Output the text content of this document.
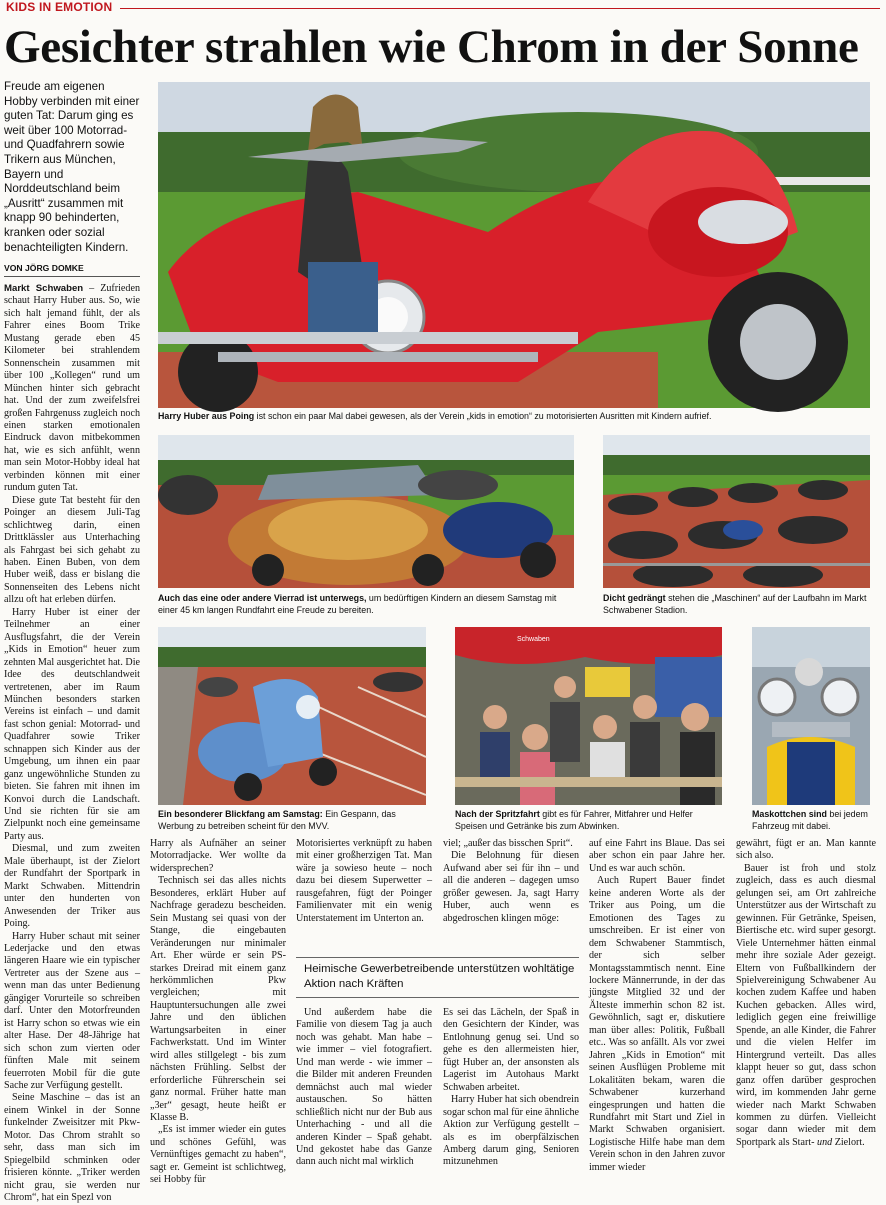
KIDS IN EMOTION
Gesichter strahlen wie Chrom in der Sonne
Freude am eigenen Hobby verbinden mit einer guten Tat: Darum ging es weit über 100 Motorrad- und Quadfahrern sowie Trikern aus München, Bayern und Norddeutschland beim „Ausritt“ zusammen mit knapp 90 behinderten, kranken oder sozial benachteiligten Kindern.
VON JÖRG DOMKE
Harry Huber aus Poing ist schon ein paar Mal dabei gewesen, als der Verein „kids in emotion“ zu motorisierten Ausritten mit Kindern aufrief.

Markt Schwaben – Zufrieden schaut Harry Huber aus. So, wie sich halt jemand fühlt, der als Fahrer eines Boom Trike Mustang gerade eben 45 Kilometer bei strahlendem Sonnenschein zusammen mit über 100 „Kollegen“ rund um München hinter sich gebracht hat. Und der zum zweifelsfrei großen Fahrgenuss zugleich noch einen starken emotionalen Eindruck davon mitbekommen hat, wie es sich anfühlt, wenn man sein Motor-Hobby ideal hat verbinden können mit einer rundum guten Tat.

Diese gute Tat besteht für den Poinger an diesem Juli-Tag schlichtweg darin, einen Drittklässler aus Unterhaching als Fahrgast bei sich gehabt zu haben. Einen Buben, von dem Huber weiß, dass er bislang die Sonnenseiten des Lebens nicht allzu oft hat erleben dürfen.

Harry Huber ist einer der Teilnehmer an einer Ausflugsfahrt, die der Verein „Kids in Emotion“ heuer zum zehnten Mal ausgerichtet hat. Die Idee des deutschlandweit vertretenen, aber im Raum München besonders starken Vereins ist einfach – und damit fast schon genial: Motorrad- und Quadfahrer sowie Triker schnappen sich Kinder aus der Umgebung, um ihnen ein paar ganz ungewöhnliche Stunden zu bieten. Sie fahren mit ihnen im Konvoi durch die Landschaft. Und sie richten für sie am Zielpunkt noch eine gemeinsame Party aus.

Diesmal, und zum zweiten Male überhaupt, ist der Zielort der Rundfahrt der Sportpark in Markt Schwaben. Mittendrin unter den hunderten von Anwesenden der Triker aus Poing.

Harry Huber schaut mit seiner Lederjacke und den etwas längeren Haare wie ein typischer Vertreter aus der Szene aus – wenn man das unter Bedienung gängiger Vorurteile so schreiben darf. Unter den Motorfreunden ist Harry schon so etwas wie ein alter Hase. Der 48-Jährige hat sich schon zum vierten oder fünften Male mit seinem feuerroten Mobil für die gute Sache zur Verfügung gestellt.

Seine Maschine – das ist an einem Winkel in der Sonne funkelnder Zweisitzer mit Pkw-Motor. Das Chrom strahlt so sehr, dass man sich im Spiegelbild schminken oder frisieren könnte. „Triker werden nicht grau, sie werden nur Chrom“, hat ein Spezl von

Auch das eine oder andere Vierrad ist unterwegs, um bedürftigen Kindern an diesem Samstag mit einer 45 km langen Rundfahrt eine Freude zu bereiten.
Dicht gedrängt stehen die „Maschinen“ auf der Laufbahn im Markt Schwabener Stadion.
Ein besonderer Blickfang am Samstag: Ein Gespann, das Werbung zu betreiben scheint für den MVV.
Schwaben
Nach der Spritzfahrt gibt es für Fahrer, Mitfahrer und Helfer Speisen und Getränke bis zum Abwinken.
Maskottchen sind bei jedem Fahrzeug mit dabei.

Harry als Aufnäher an seiner Motorradjacke. Wer wollte da widersprechen?

Technisch sei das alles nichts Besonderes, erklärt Huber auf Nachfrage geradezu bescheiden. Sein Mustang sei quasi von der Stange, die eingebauten Veränderungen nur minimaler Art. Eher würde er sein PS-starkes Dreirad mit einem ganz herkömmlichen Pkw vergleichen; mit Hauptuntersuchungen alle zwei Jahre und den üblichen Wartungsarbeiten in einer Fachwerkstatt. Und im Winter wird alles stillgelegt - bis zum nächsten Frühling. Selbst der erforderliche Führerschein sei ganz normal. Früher hatte man „3er“ gesagt, heute heißt er Klasse B.

„Es ist immer wieder ein gutes und schönes Gefühl, was Vernünftiges gemacht zu haben“, sagt er. Gemeint ist schlichtweg, sei Hobby für

Motorisiertes verknüpft zu haben mit einer großherzigen Tat. Man wäre ja sowieso heute – noch dazu bei diesem Superwetter – rausgefahren, fügt der Poinger Familienvater mit ein wenig Unterstatement im Unterton an.

viel; „außer das bisschen Sprit“.

Die Belohnung für diesen Aufwand aber sei für ihn – und all die anderen – dagegen umso größer gewesen. Ja, sagt Harry Huber, auch wenn es abgedroschen klingen möge:

Heimische Gewerbetreibende unterstützen wohltätige Aktion nach Kräften

Und außerdem habe die Familie von diesem Tag ja auch noch was gehabt. Man habe – wie immer – viel fotografiert. Und man werde - wie immer – die Bilder mit anderen Freunden demnächst auch mal wieder austauschen. So hätten schließlich nicht nur der Bub aus Unterhaching - und all die anderen Kinder – Spaß gehabt. Und gekostet habe das Ganze dann auch nicht mal wirklich

Es sei das Lächeln, der Spaß in den Gesichtern der Kinder, was Entlohnung genug sei. Und so gehe es den allermeisten hier, fügt Huber an, der ansonsten als Lagerist im Autohaus Markt Schwaben arbeitet.

Harry Huber hat sich obendrein sogar schon mal für eine ähnliche Aktion zur Verfügung gestellt – als es im oberpfälzischen Amberg darum ging, Senioren mitzunehmen

auf eine Fahrt ins Blaue. Das sei aber schon ein paar Jahre her. Und es war auch schön.

Auch Rupert Bauer findet keine anderen Worte als der Triker aus Poing, um die Emotionen des Tages zu umschreiben. Er ist einer von dem Schwabener Stammtisch, der sich selber Montagsstammtisch nennt. Eine lockere Männerrunde, in der das jüngste Mitglied 32 und der Älteste immerhin schon 82 ist. Gewöhnlich, sagt er, diskutiere man über alles: Politik, Fußball etc.. Was so anfällt. Als vor zwei Jahren „Kids in Emotion“ mit seinen Ausflügen Probleme mit Lokalitäten bekam, waren die Schwabener kurzerhand eingesprungen und hatten die Rundfahrt mit Start und Ziel in Markt Schwaben organisiert. Logistische Hilfe habe man dem Verein schon in den Jahren zuvor immer wieder

gewährt, fügt er an. Man kannte sich also.

Bauer ist froh und stolz zugleich, dass es auch diesmal gelungen sei, am Ort zahlreiche Unterstützer aus der Wirtschaft zu gewinnen. Für Getränke, Speisen, Biertische etc. wird super gesorgt. Viele Unternehmer hätten einmal mehr ihre soziale Ader gezeigt. Eltern von Fußballkindern der Spielvereinigung Schwabener Au kochen zudem Kaffee und haben Kuchen gebacken. Alles wird, lediglich gegen eine freiwillige Spende, an alle Kinder, die Fahrer und die vielen Helfer im Hintergrund verteilt. Das alles klappt heuer so gut, dass schon ganz offen darüber gesprochen wird, im kommenden Jahr gerne wieder nach Markt Schwaben kommen zu dürfen. Vielleicht sogar dann wieder mit dem Sportpark als Start- und Zielort.
